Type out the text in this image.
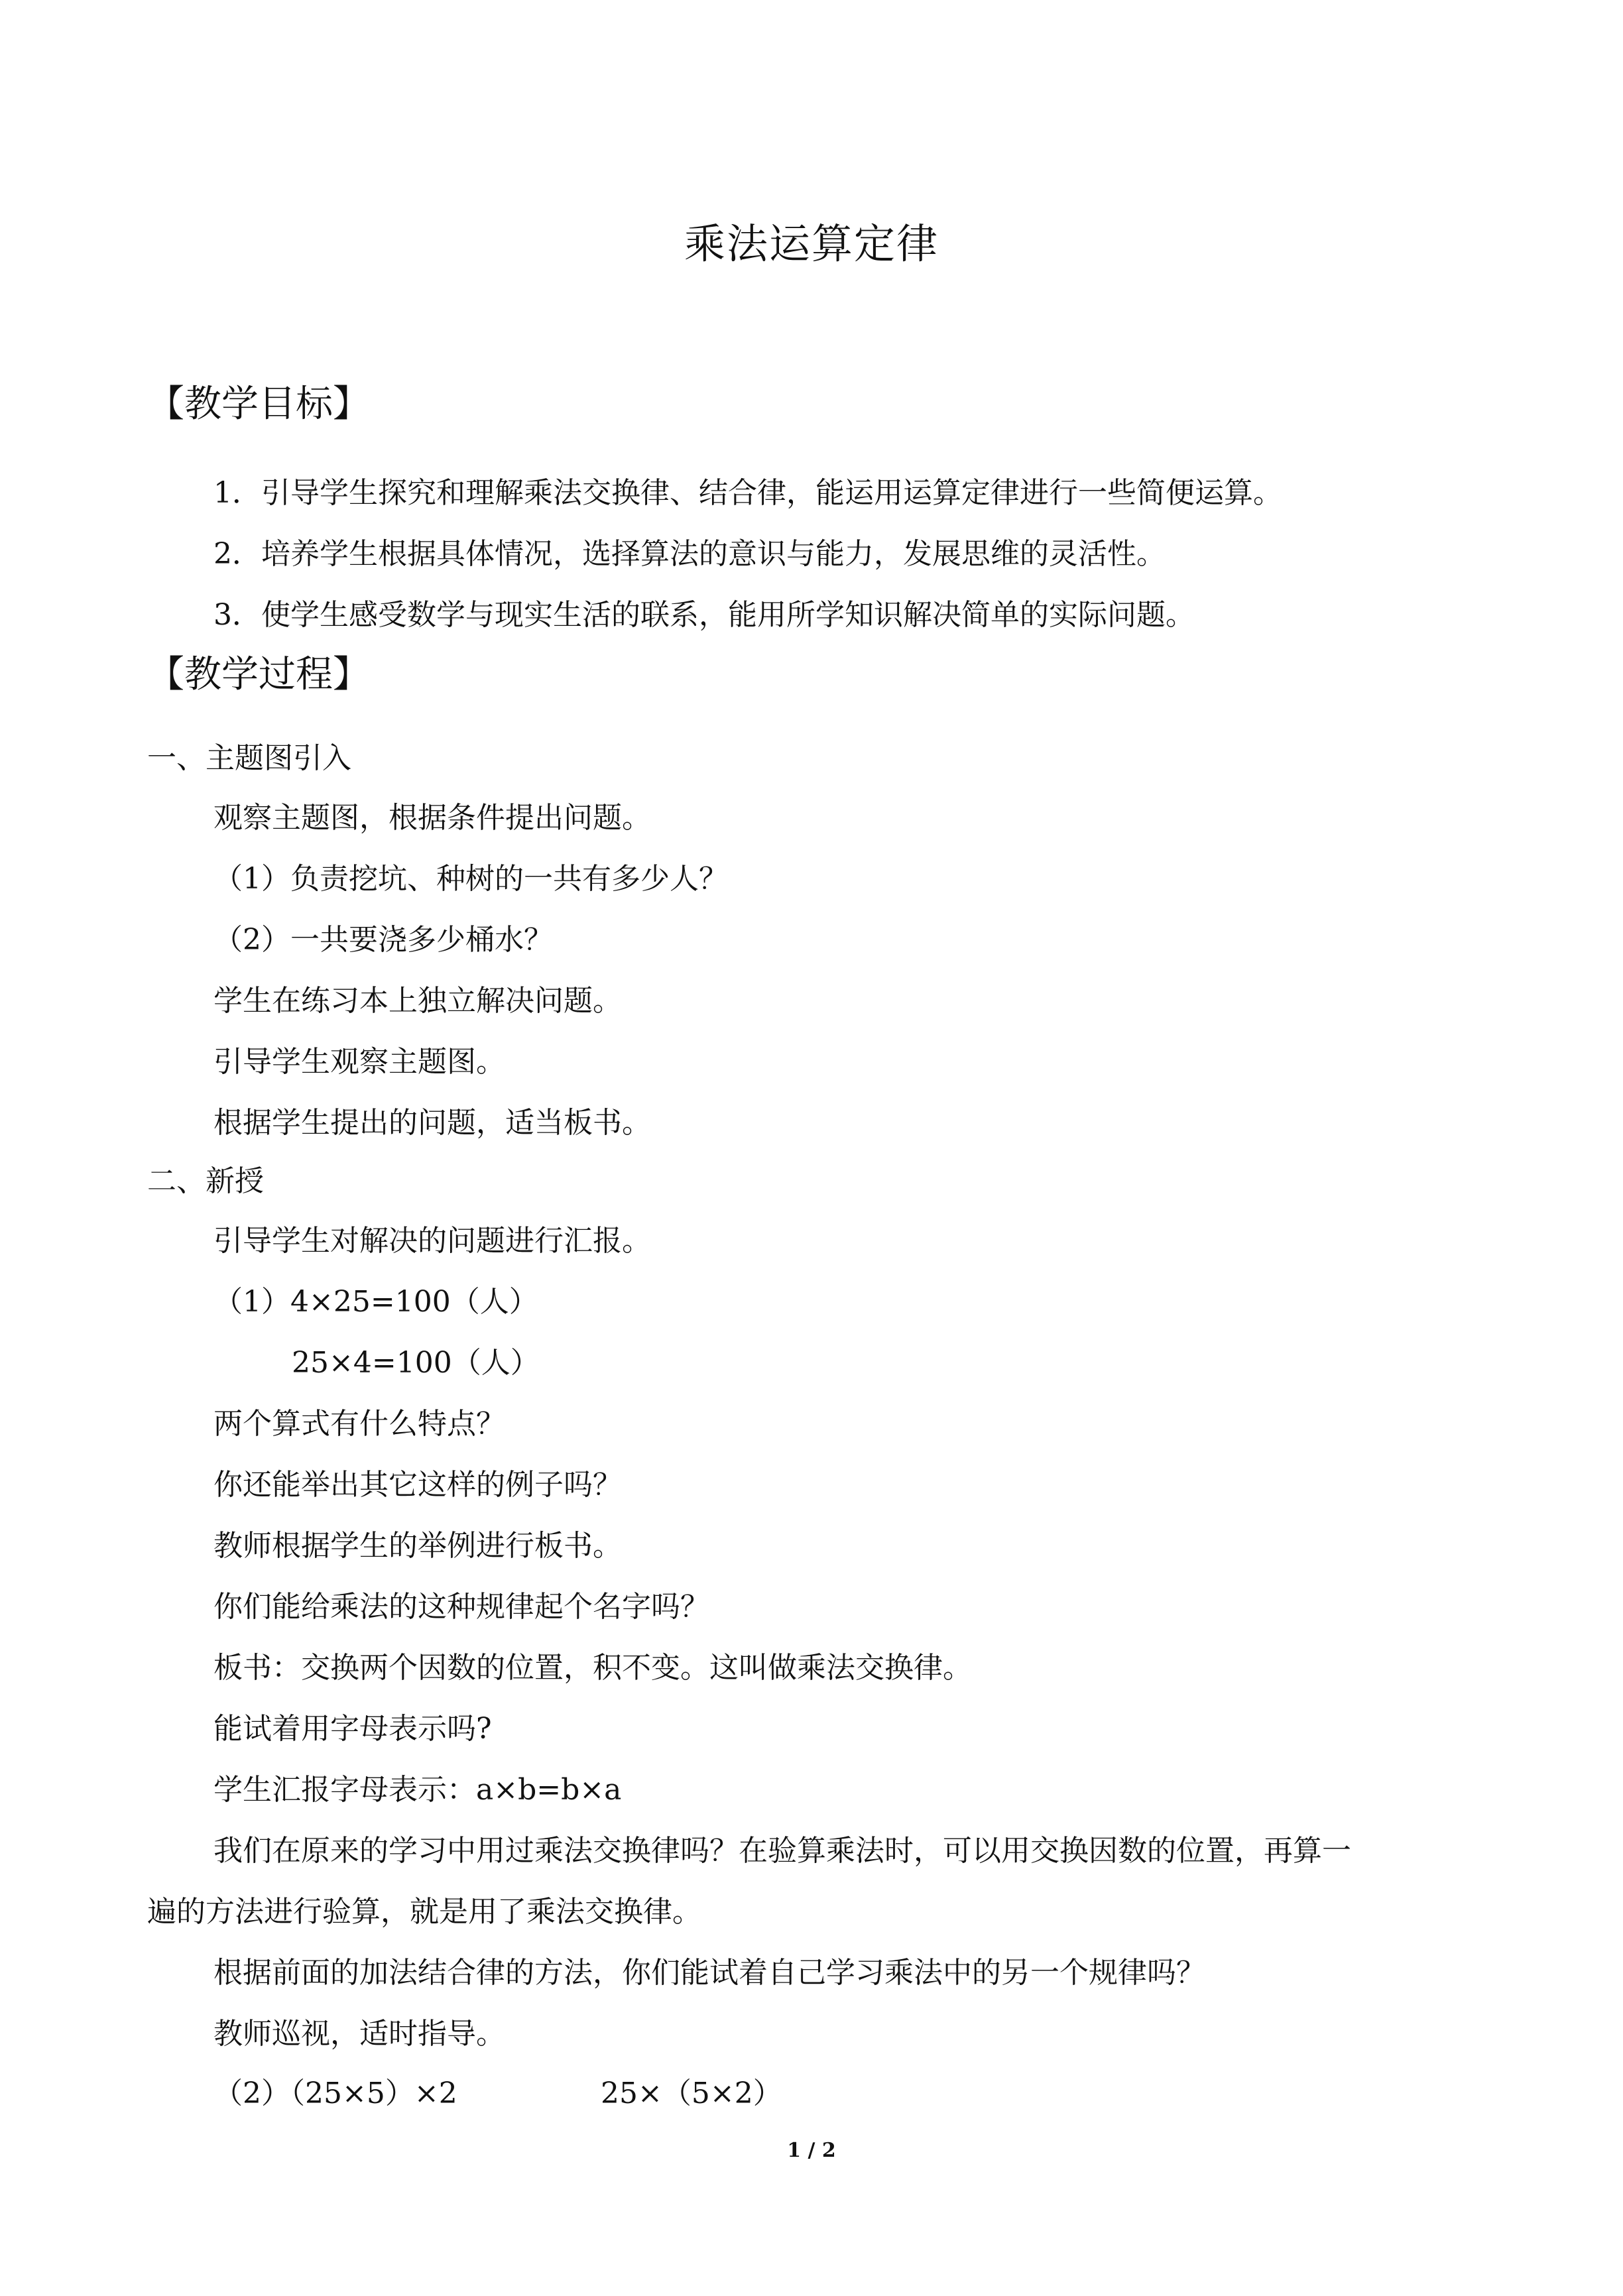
乘法运算定律
【教学目标】
1．引导学生探究和理解乘法交换律、结合律，能运用运算定律进行一些简便运算。
2．培养学生根据具体情况，选择算法的意识与能力，发展思维的灵活性。
3．使学生感受数学与现实生活的联系，能用所学知识解决简单的实际问题。
【教学过程】
一、主题图引入
观察主题图，根据条件提出问题。
（1）负责挖坑、种树的一共有多少人？
（2）一共要浇多少桶水？
学生在练习本上独立解决问题。
引导学生观察主题图。
根据学生提出的问题，适当板书。
二、新授
引导学生对解决的问题进行汇报。
（1）4×25=100（人）
25×4=100（人）
两个算式有什么特点？
你还能举出其它这样的例子吗？
教师根据学生的举例进行板书。
你们能给乘法的这种规律起个名字吗？
板书：交换两个因数的位置，积不变。这叫做乘法交换律。
能试着用字母表示吗?
学生汇报字母表示：a×b=b×a
我们在原来的学习中用过乘法交换律吗？在验算乘法时，可以用交换因数的位置，再算一
遍的方法进行验算，就是用了乘法交换律。
根据前面的加法结合律的方法，你们能试着自己学习乘法中的另一个规律吗？
教师巡视，适时指导。
（2）（25×5）×2	25×（5×2）
1 / 2
